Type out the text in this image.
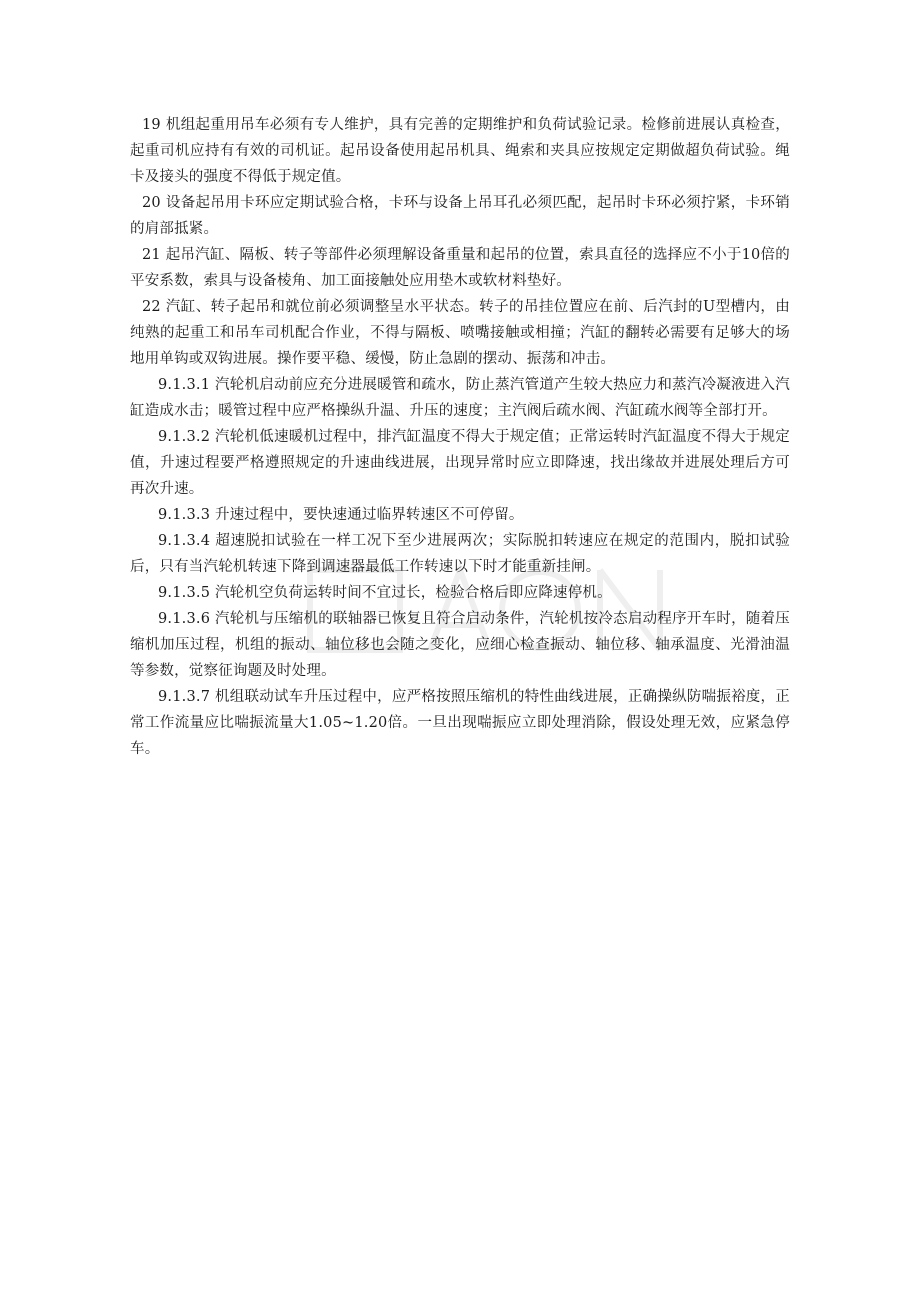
19 机组起重用吊车必须有专人维护，具有完善的定期维护和负荷试验记录。检修前进展认真检查，起重司机应持有有效的司机证。起吊设备使用起吊机具、绳索和夹具应按规定定期做超负荷试验。绳卡及接头的强度不得低于规定值。

20 设备起吊用卡环应定期试验合格，卡环与设备上吊耳孔必须匹配，起吊时卡环必须拧紧，卡环销的肩部抵紧。

21 起吊汽缸、隔板、转子等部件必须理解设备重量和起吊的位置，索具直径的选择应不小于10倍的平安系数，索具与设备棱角、加工面接触处应用垫木或软材料垫好。

22 汽缸、转子起吊和就位前必须调整呈水平状态。转子的吊挂位置应在前、后汽封的U型槽内，由纯熟的起重工和吊车司机配合作业，不得与隔板、喷嘴接触或相撞；汽缸的翻转必需要有足够大的场地用单钩或双钩进展。操作要平稳、缓慢，防止急剧的摆动、振荡和冲击。

9.1.3.1 汽轮机启动前应充分进展暖管和疏水，防止蒸汽管道产生较大热应力和蒸汽冷凝液进入汽缸造成水击；暖管过程中应严格操纵升温、升压的速度；主汽阀后疏水阀、汽缸疏水阀等全部打开。

9.1.3.2 汽轮机低速暖机过程中，排汽缸温度不得大于规定值；正常运转时汽缸温度不得大于规定值，升速过程要严格遵照规定的升速曲线进展，出现异常时应立即降速，找出缘故并进展处理后方可再次升速。

9.1.3.3 升速过程中，要快速通过临界转速区不可停留。

9.1.3.4 超速脱扣试验在一样工况下至少进展两次；实际脱扣转速应在规定的范围内，脱扣试验后，只有当汽轮机转速下降到调速器最低工作转速以下时才能重新挂闸。

9.1.3.5 汽轮机空负荷运转时间不宜过长，检验合格后即应降速停机。

9.1.3.6 汽轮机与压缩机的联轴器已恢复且符合启动条件，汽轮机按冷态启动程序开车时，随着压缩机加压过程，机组的振动、轴位移也会随之变化，应细心检查振动、轴位移、轴承温度、光滑油温等参数，觉察征询题及时处理。

9.1.3.7 机组联动试车升压过程中，应严格按照压缩机的特性曲线进展，正确操纵防喘振裕度，正常工作流量应比喘振流量大1.05~1.20倍。一旦出现喘振应立即处理消除，假设处理无效，应紧急停车。
